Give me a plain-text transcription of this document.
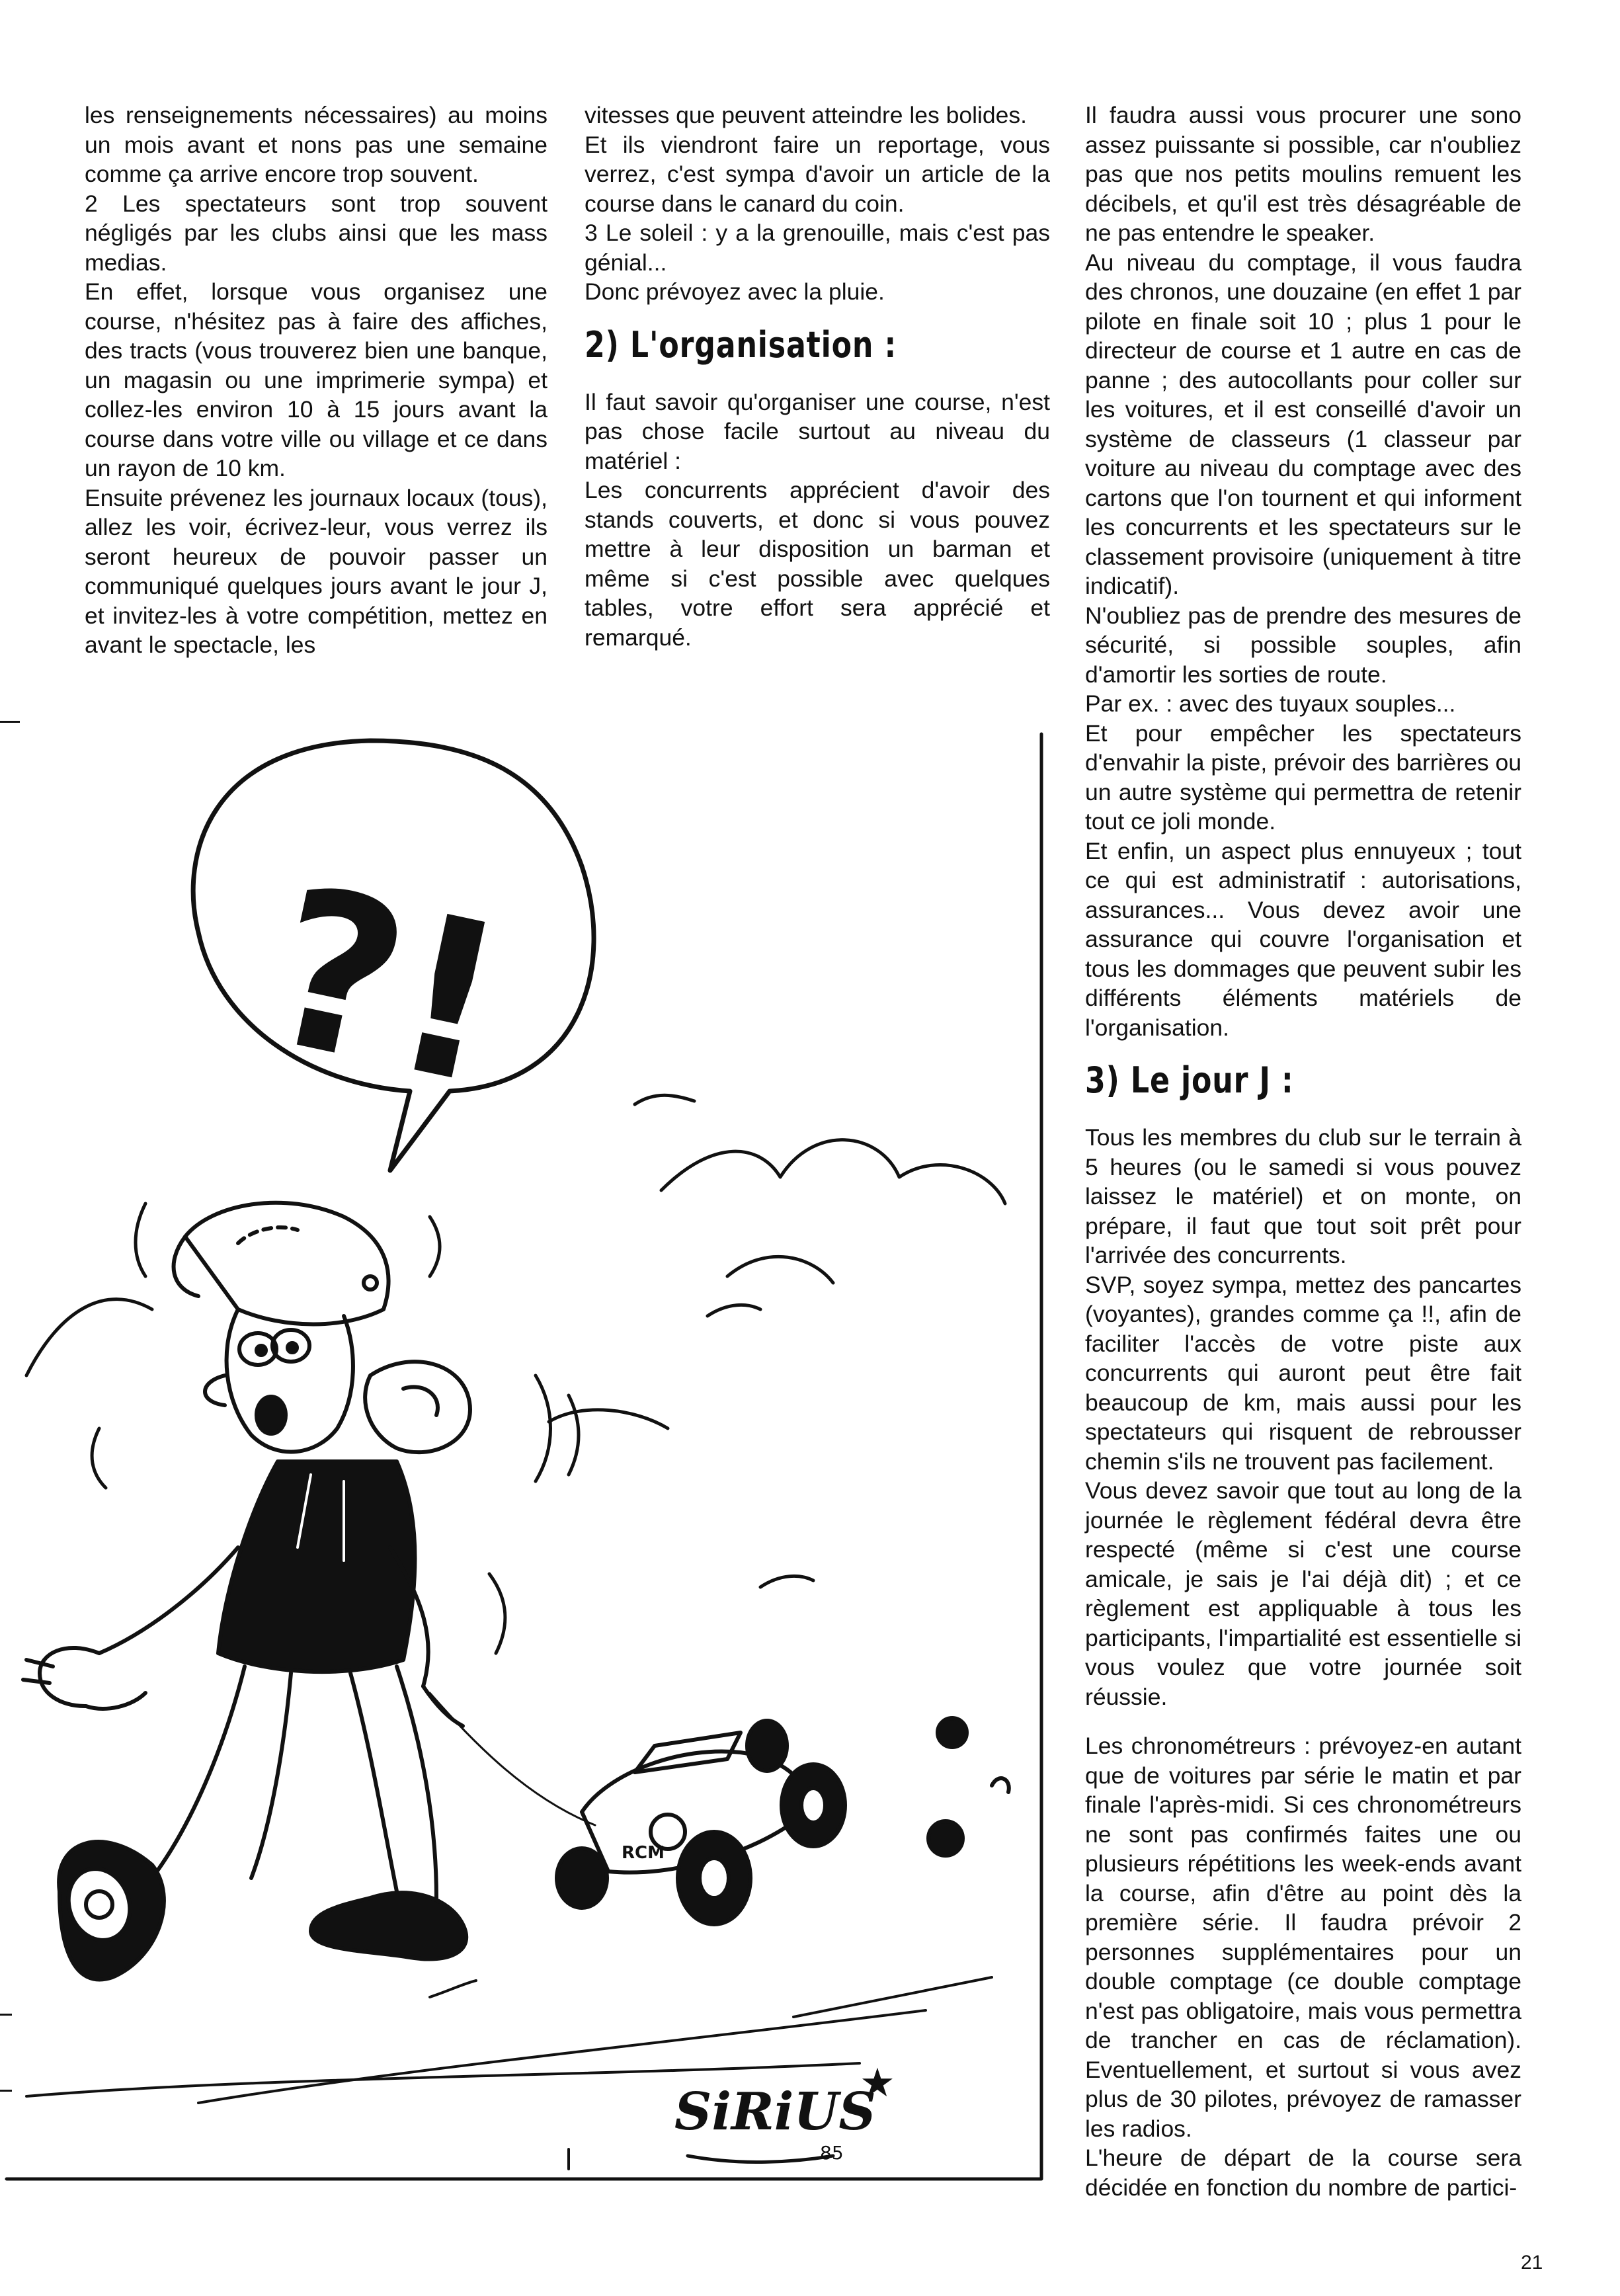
les renseignements nécessaires) au moins un mois avant et nons pas une semaine comme ça arrive encore trop souvent.

2 Les spectateurs sont trop souvent négligés par les clubs ainsi que les mass medias.

En effet, lorsque vous organisez une course, n'hésitez pas à faire des affiches, des tracts (vous trouverez bien une banque, un magasin ou une imprimerie sympa) et collez-les environ 10 à 15 jours avant la course dans votre ville ou village et ce dans un rayon de 10 km.

Ensuite prévenez les journaux locaux (tous), allez les voir, écrivez-leur, vous verrez ils seront heureux de pouvoir passer un communiqué quelques jours avant le jour J, et invitez-les à votre compétition, mettez en avant le spectacle, les

vitesses que peuvent atteindre les bolides.

Et ils viendront faire un reportage, vous verrez, c'est sympa d'avoir un article de la course dans le canard du coin.

3 Le soleil : y a la grenouille, mais c'est pas génial...

Donc prévoyez avec la pluie.

2) L'organisation :

Il faut savoir qu'organiser une course, n'est pas chose facile surtout au niveau du matériel :

Les concurrents apprécient d'avoir des stands couverts, et donc si vous pouvez mettre à leur disposition un barman et même si c'est possible avec quelques tables, votre effort sera apprécié et remarqué.

Il faudra aussi vous procurer une sono assez puissante si possible, car n'oubliez pas que nos petits moulins remuent les décibels, et qu'il est très désagréable de ne pas entendre le speaker.

Au niveau du comptage, il vous faudra des chronos, une douzaine (en effet 1 par pilote en finale soit 10 ; plus 1 pour le directeur de course et 1 autre en cas de panne ; des autocollants pour coller sur les voitures, et il est conseillé d'avoir un système de classeurs (1 classeur par voiture au niveau du comptage avec des cartons que l'on tournent et qui informent les concurrents et les spectateurs sur le classement provisoire (uniquement à titre indicatif).

N'oubliez pas de prendre des mesures de sécurité, si possible souples, afin d'amortir les sorties de route.

Par ex. : avec des tuyaux souples...

Et pour empêcher les spectateurs d'envahir la piste, prévoir des barrières ou un autre système qui permettra de retenir tout ce joli monde.

Et enfin, un aspect plus ennuyeux ; tout ce qui est administratif : autorisations, assurances... Vous devez avoir une assurance qui couvre l'organisation et tous les dommages que peuvent subir les différents éléments matériels de l'organisation.

3) Le jour J :

Tous les membres du club sur le terrain à 5 heures (ou le samedi si vous pouvez laissez le matériel) et on monte, on prépare, il faut que tout soit prêt pour l'arrivée des concurrents.

SVP, soyez sympa, mettez des pancartes (voyantes), grandes comme ça !!, afin de faciliter l'accès de votre piste aux concurrents qui auront peut être fait beaucoup de km, mais aussi pour les spectateurs qui risquent de rebrousser chemin s'ils ne trouvent pas facilement.

Vous devez savoir que tout au long de la journée le règlement fédéral devra être respecté (même si c'est une course amicale, je sais je l'ai déjà dit) ; et ce règlement est appliquable à tous les participants, l'impartialité est essentielle si vous voulez que votre journée soit réussie.

Les chronométreurs : prévoyez-en autant que de voitures par série le matin et par finale l'après-midi. Si ces chronométreurs ne sont pas confirmés faites une ou plusieurs répétitions les week-ends avant la course, afin d'être au point dès la première série. Il faudra prévoir 2 personnes supplémentaires pour un double comptage (ce double comptage n'est pas obligatoire, mais vous permettra de trancher en cas de réclamation). Eventuellement, et surtout si vous avez plus de 30 pilotes, prévoyez de ramasser les radios.

L'heure de départ de la course sera décidée en fonction du nombre de partici-

?!
RCM
SiRiUS
85
★
21
